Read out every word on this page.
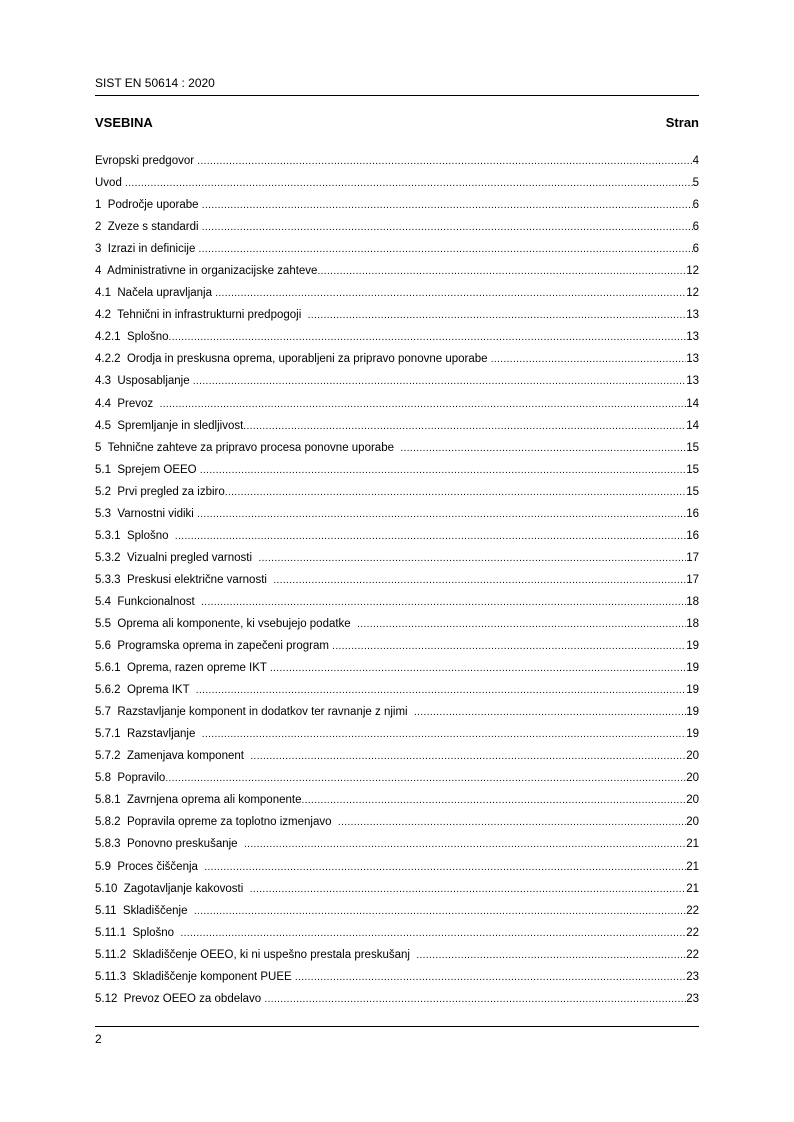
SIST EN 50614 : 2020
VSEBINA	Stran
Evropski predgovor .....	4
Uvod .....	5
1  Področje uporabe .....	6
2  Zveze s standardi .....	6
3  Izrazi in definicije .....	6
4  Administrativne in organizacijske zahteve .....	12
4.1  Načela upravljanja .....	12
4.2  Tehnični in infrastrukturni predpogoji .....	13
4.2.1  Splošno .....	13
4.2.2  Orodja in preskusna oprema, uporabljeni za pripravo ponovne uporabe .....	13
4.3  Usposabljanje .....	13
4.4  Prevoz .....	14
4.5  Spremljanje in sledljivost .....	14
5  Tehnične zahteve za pripravo procesa ponovne uporabe .....	15
5.1  Sprejem OEEO .....	15
5.2  Prvi pregled za izbiro .....	15
5.3  Varnostni vidiki .....	16
5.3.1  Splošno .....	16
5.3.2  Vizualni pregled varnosti .....	17
5.3.3  Preskusi električne varnosti .....	17
5.4  Funkcionalnost .....	18
5.5  Oprema ali komponente, ki vsebujejo podatke .....	18
5.6  Programska oprema in zapečeni program .....	19
5.6.1  Oprema, razen opreme IKT .....	19
5.6.2  Oprema IKT .....	19
5.7  Razstavljanje komponent in dodatkov ter ravnanje z njimi .....	19
5.7.1  Razstavljanje .....	19
5.7.2  Zamenjava komponent .....	20
5.8  Popravilo .....	20
5.8.1  Zavrnjena oprema ali komponente .....	20
5.8.2  Popravila opreme za toplotno izmenjavo .....	20
5.8.3  Ponovno preskušanje .....	21
5.9  Proces čiščenja .....	21
5.10  Zagotavljanje kakovosti .....	21
5.11  Skladiščenje .....	22
5.11.1  Splošno .....	22
5.11.2  Skladiščenje OEEO, ki ni uspešno prestala preskušanj .....	22
5.11.3  Skladiščenje komponent PUEE .....	23
5.12  Prevoz OEEO za obdelavo .....	23
2
